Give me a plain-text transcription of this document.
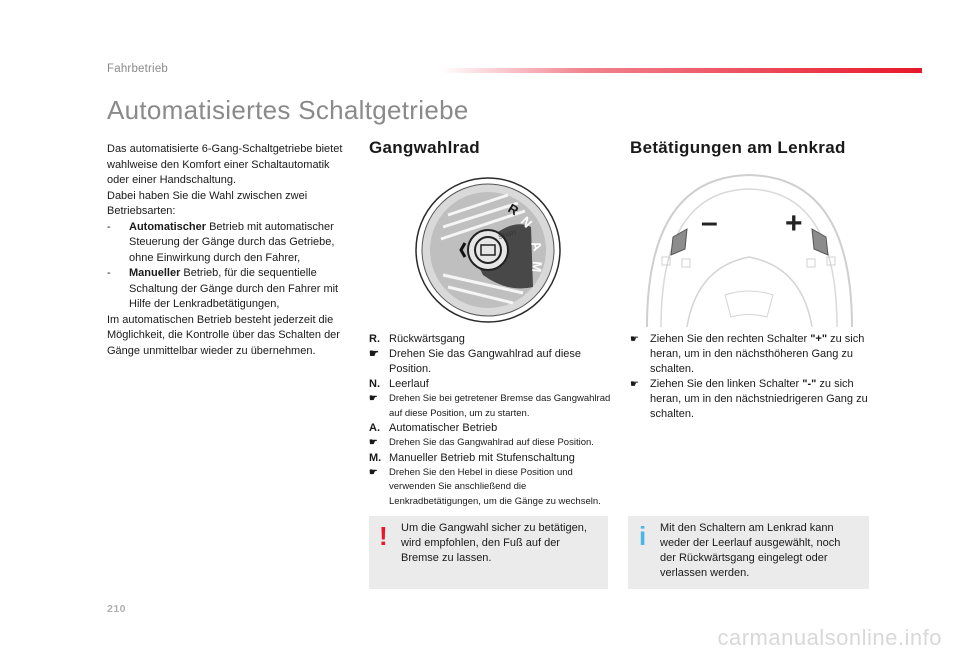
Fahrbetrieb
Automatisiertes Schaltgetriebe

Das automatisierte 6-Gang-Schaltgetriebe bietet wahlweise den Komfort einer Schaltautomatik oder einer Handschaltung.

Dabei haben Sie die Wahl zwischen zwei Betriebsarten:

-	Automatischer Betrieb mit automatischer Steuerung der Gänge durch das Getriebe, ohne Einwirkung durch den Fahrer,
-	Manueller Betrieb, für die sequentielle Schaltung der Gänge durch den Fahrer mit Hilfe der Lenkradbetätigungen,

Im automatischen Betrieb besteht jederzeit die Möglichkeit, die Kontrolle über das Schalten der Gänge unmittelbar wieder zu übernehmen.

Gangwahlrad	Betätigungen am Lenkrad
R
N
A
M
START	– +
R. Rückwärtsgang
☛ Drehen Sie das Gangwahlrad auf diese Position.
N. Leerlauf
☛	Drehen Sie bei getretener Bremse das Gangwahlrad auf diese Position, um zu starten.
A. Automatischer Betrieb
☛	Drehen Sie das Gangwahlrad auf diese Position.
M. Manueller Betrieb mit Stufenschaltung
☛	Drehen Sie den Hebel in diese Position und verwenden Sie anschließend die Lenkradbetätigungen, um die Gänge zu wechseln.
☛	Ziehen Sie den rechten Schalter "+" zu sich heran, um in den nächsthöheren Gang zu schalten.
☛	Ziehen Sie den linken Schalter "-" zu sich heran, um in den nächstniedrigeren Gang zu schalten.
! Um die Gangwahl sicher zu betätigen, wird empfohlen, den Fuß auf der Bremse zu lassen.
i Mit den Schaltern am Lenkrad kann weder der Leerlauf ausgewählt, noch der Rückwärtsgang eingelegt oder verlassen werden.
210
carmanualsonline.info
